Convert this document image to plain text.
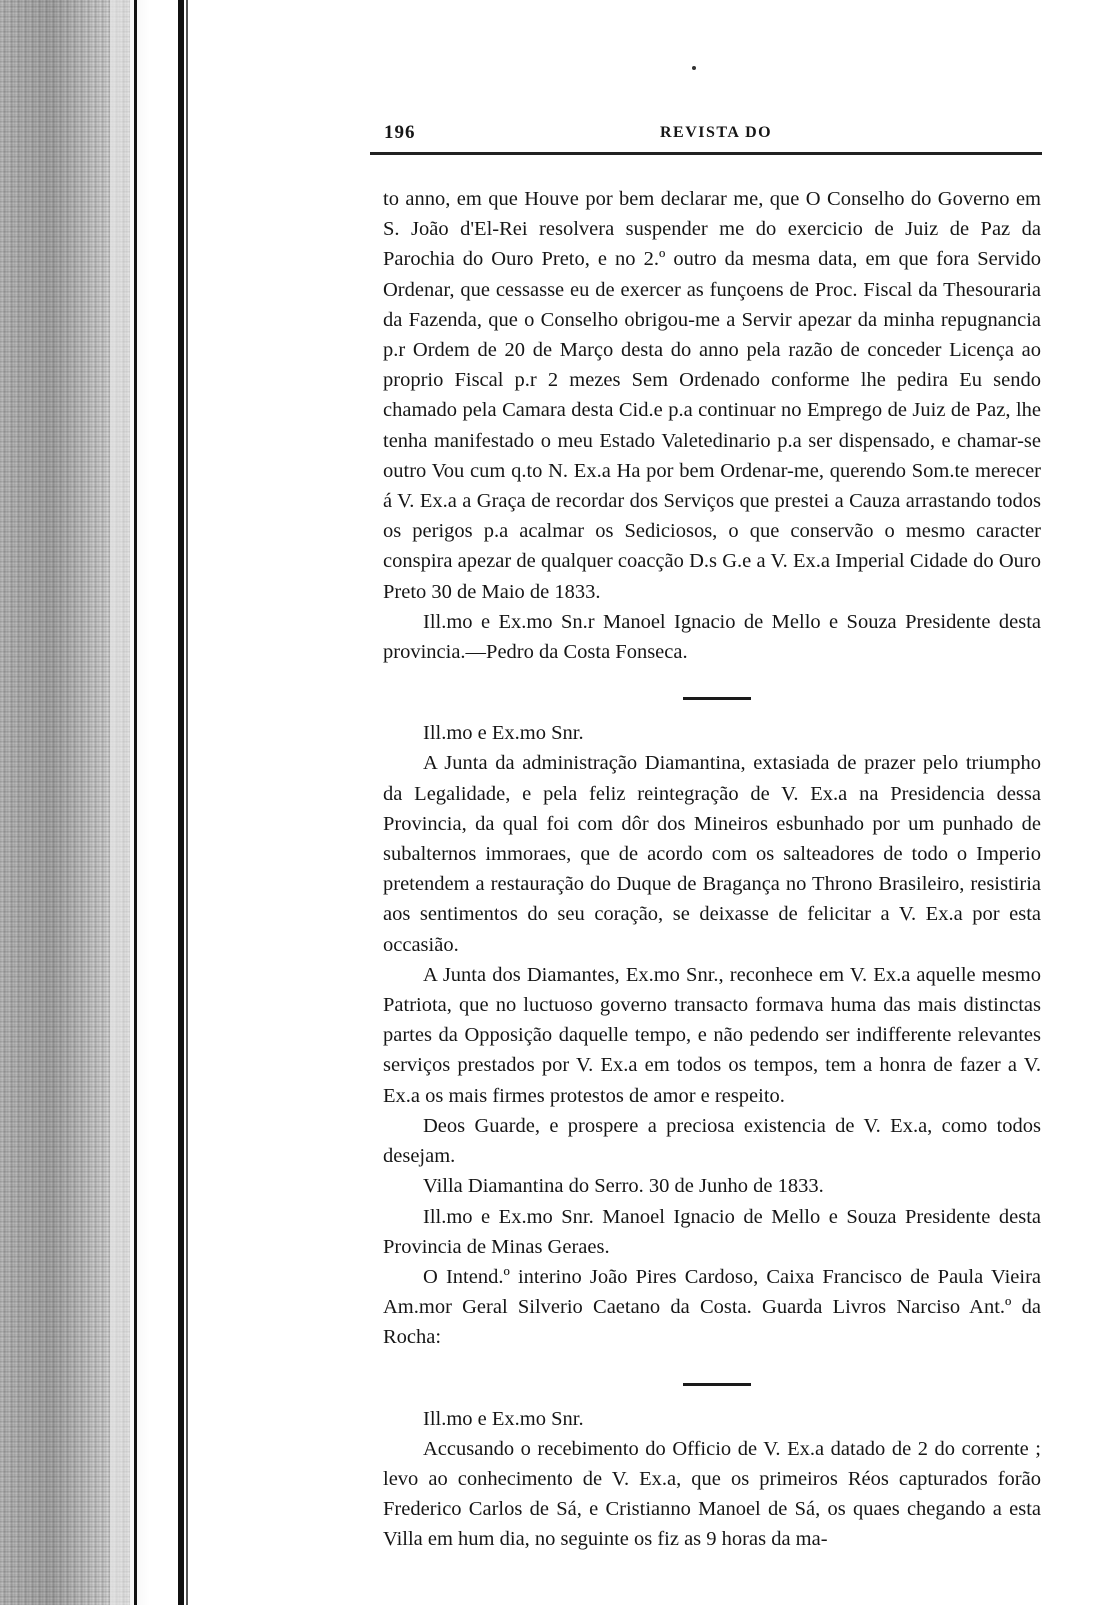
196	REVISTA DO

to anno, em que Houve por bem declarar me, que O Conselho do Governo em S. João d'El-Rei resolvera suspender me do exercicio de Juiz de Paz da Parochia do Ouro Preto, e no 2.º outro da mesma data, em que fora Servido Ordenar, que cessasse eu de exercer as funçoens de Proc. Fiscal da Thesouraria da Fazenda, que o Conselho obrigou-me a Servir apezar da minha repugnancia p.r Ordem de 20 de Março desta do anno pela razão de conceder Licença ao proprio Fiscal p.r 2 mezes Sem Ordenado conforme lhe pedira Eu sendo chamado pela Camara desta Cid.e p.a continuar no Emprego de Juiz de Paz, lhe tenha manifestado o meu Estado Valetedinario p.a ser dispensado, e chamar-se outro Vou cum q.to N. Ex.a Ha por bem Ordenar-me, querendo Som.te merecer á V. Ex.a a Graça de recordar dos Serviços que prestei a Cauza arrastando todos os perigos p.a acalmar os Sediciosos, o que conservão o mesmo caracter conspira apezar de qualquer coacção D.s G.e a V. Ex.a Imperial Cidade do Ouro Preto 30 de Maio de 1833.

Ill.mo e Ex.mo Sn.r Manoel Ignacio de Mello e Souza Presidente desta provincia.—Pedro da Costa Fonseca.

Ill.mo e Ex.mo Snr.

A Junta da administração Diamantina, extasiada de prazer pelo triumpho da Legalidade, e pela feliz reintegração de V. Ex.a na Presidencia dessa Provincia, da qual foi com dôr dos Mineiros esbunhado por um punhado de subalternos immoraes, que de acordo com os salteadores de todo o Imperio pretendem a restauração do Duque de Bragança no Throno Brasileiro, resistiria aos sentimentos do seu coração, se deixasse de felicitar a V. Ex.a por esta occasião.

A Junta dos Diamantes, Ex.mo Snr., reconhece em V. Ex.a aquelle mesmo Patriota, que no luctuoso governo transacto formava huma das mais distinctas partes da Opposição daquelle tempo, e não pedendo ser indifferente relevantes serviços prestados por V. Ex.a em todos os tempos, tem a honra de fazer a V. Ex.a os mais firmes protestos de amor e respeito.

Deos Guarde, e prospere a preciosa existencia de V. Ex.a, como todos desejam.

Villa Diamantina do Serro. 30 de Junho de 1833.

Ill.mo e Ex.mo Snr. Manoel Ignacio de Mello e Souza Presidente desta Provincia de Minas Geraes.

O Intend.º interino João Pires Cardoso, Caixa Francisco de Paula Vieira Am.mor Geral Silverio Caetano da Costa. Guarda Livros Narciso Ant.º da Rocha:

Ill.mo e Ex.mo Snr.

Accusando o recebimento do Officio de V. Ex.a datado de 2 do corrente ; levo ao conhecimento de V. Ex.a, que os primeiros Réos capturados forão Frederico Carlos de Sá, e Cristianno Manoel de Sá, os quaes chegando a esta Villa em hum dia, no seguinte os fiz as 9 horas da ma-
